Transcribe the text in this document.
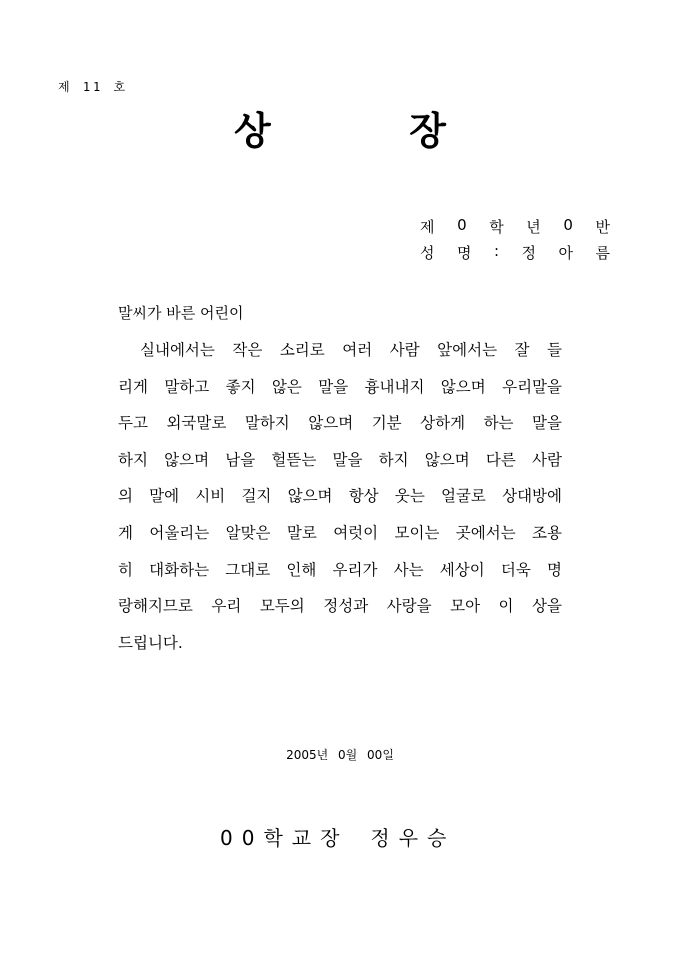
제 11 호
상	장
제 0 학 년 0 반
성 명 : 정 아 름
말씨가 바른 어린이
실내에서는 작은 소리로 여러 사람 앞에서는 잘 들
리게 말하고 좋지 않은 말을 흉내내지 않으며 우리말을
두고 외국말로 말하지 않으며 기분 상하게 하는 말을
하지 않으며 남을 헐뜯는 말을 하지 않으며 다른 사람
의 말에 시비 걸지 않으며 항상 웃는 얼굴로 상대방에
게 어울리는 알맞은 말로 여럿이 모이는 곳에서는 조용
히 대화하는 그대로 인해 우리가 사는 세상이 더욱 명
랑해지므로 우리 모두의 정성과 사랑을 모아 이 상을
드립니다.
2005년 0월 00일
00학교장 정우승
